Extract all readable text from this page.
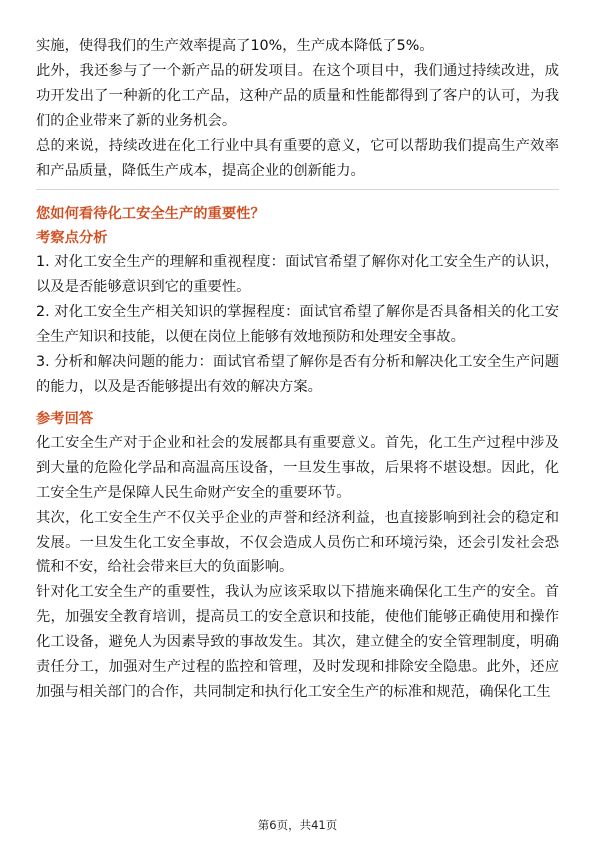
实施，使得我们的生产效率提高了10%，生产成本降低了5%。

此外，我还参与了一个新产品的研发项目。在这个项目中，我们通过持续改进，成功开发出了一种新的化工产品，这种产品的质量和性能都得到了客户的认可，为我们的企业带来了新的业务机会。

总的来说，持续改进在化工行业中具有重要的意义，它可以帮助我们提高生产效率和产品质量，降低生产成本，提高企业的创新能力。

您如何看待化工安全生产的重要性？

考察点分析

1. 对化工安全生产的理解和重视程度：面试官希望了解你对化工安全生产的认识，以及是否能够意识到它的重要性。

2. 对化工安全生产相关知识的掌握程度：面试官希望了解你是否具备相关的化工安全生产知识和技能，以便在岗位上能够有效地预防和处理安全事故。

3. 分析和解决问题的能力：面试官希望了解你是否有分析和解决化工安全生产问题的能力，以及是否能够提出有效的解决方案。

参考回答

化工安全生产对于企业和社会的发展都具有重要意义。首先，化工生产过程中涉及到大量的危险化学品和高温高压设备，一旦发生事故，后果将不堪设想。因此，化工安全生产是保障人民生命财产安全的重要环节。

其次，化工安全生产不仅关乎企业的声誉和经济利益，也直接影响到社会的稳定和发展。一旦发生化工安全事故，不仅会造成人员伤亡和环境污染，还会引发社会恐慌和不安，给社会带来巨大的负面影响。

针对化工安全生产的重要性，我认为应该采取以下措施来确保化工生产的安全。首先，加强安全教育培训，提高员工的安全意识和技能，使他们能够正确使用和操作化工设备，避免人为因素导致的事故发生。其次，建立健全的安全管理制度，明确责任分工，加强对生产过程的监控和管理，及时发现和排除安全隐患。此外，还应加强与相关部门的合作，共同制定和执行化工安全生产的标准和规范，确保化工生

第6页，共41页
